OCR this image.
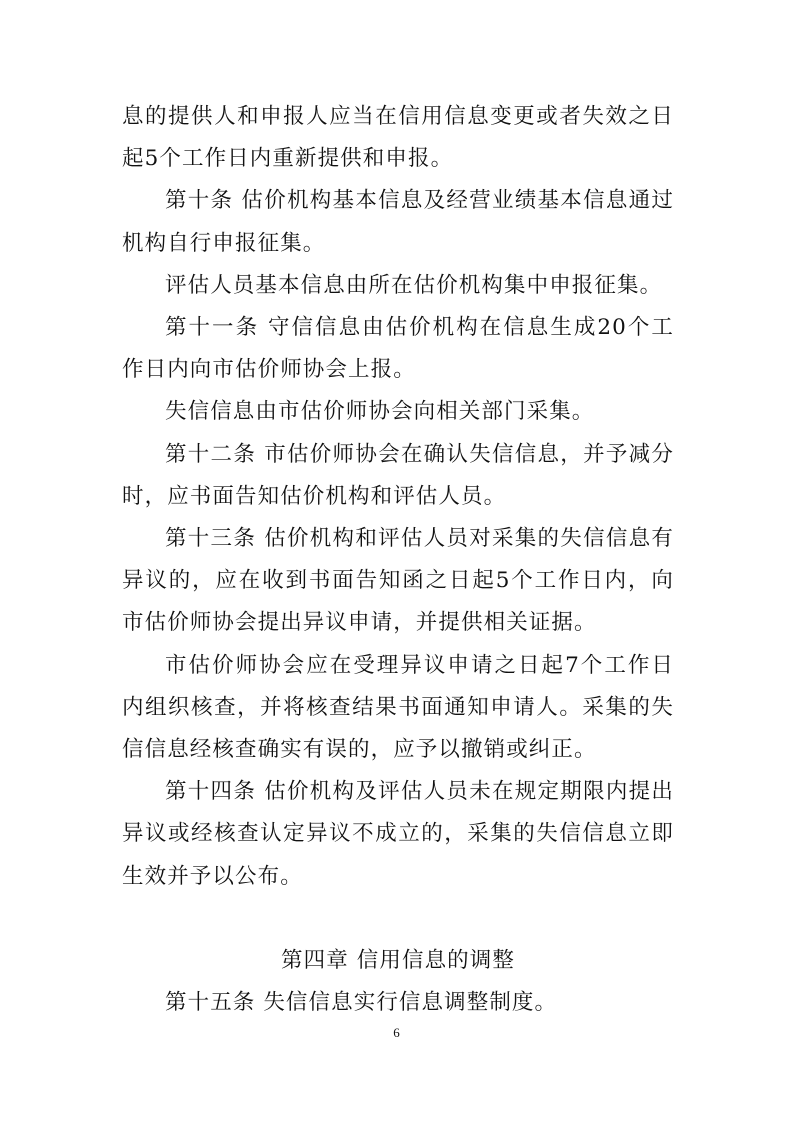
息的提供人和申报人应当在信用信息变更或者失效之日起5个工作日内重新提供和申报。

第十条 估价机构基本信息及经营业绩基本信息通过机构自行申报征集。

评估人员基本信息由所在估价机构集中申报征集。

第十一条 守信信息由估价机构在信息生成20个工作日内向市估价师协会上报。

失信信息由市估价师协会向相关部门采集。

第十二条 市估价师协会在确认失信信息，并予减分时，应书面告知估价机构和评估人员。

第十三条 估价机构和评估人员对采集的失信信息有异议的，应在收到书面告知函之日起5个工作日内，向市估价师协会提出异议申请，并提供相关证据。

市估价师协会应在受理异议申请之日起7个工作日内组织核查，并将核查结果书面通知申请人。采集的失信信息经核查确实有误的，应予以撤销或纠正。

第十四条 估价机构及评估人员未在规定期限内提出异议或经核查认定异议不成立的，采集的失信信息立即生效并予以公布。

第四章 信用信息的调整

第十五条 失信信息实行信息调整制度。

6
